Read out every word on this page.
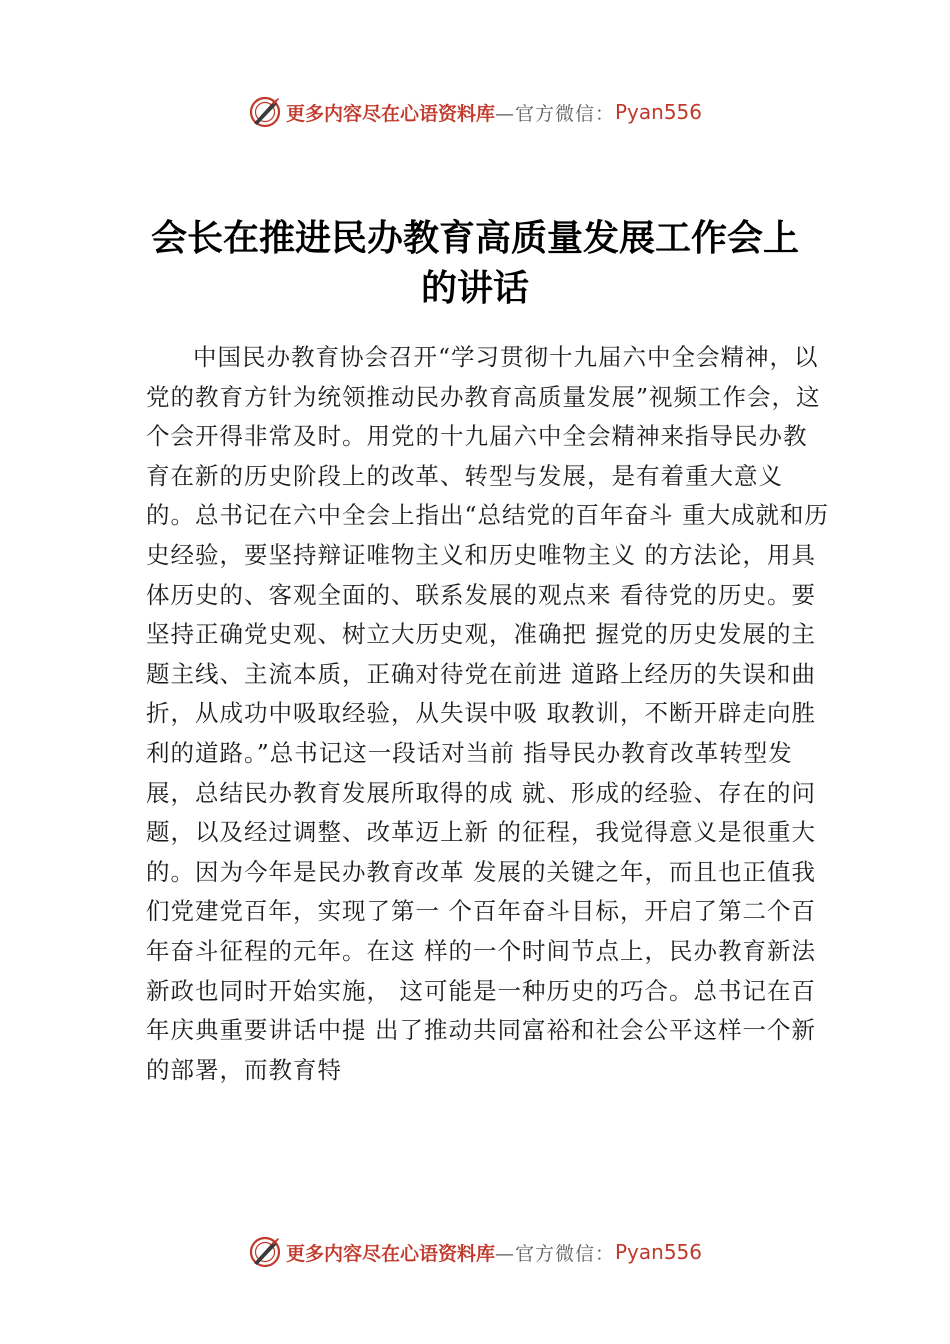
更多内容尽在心语资料库 —官方微信： Pyan556
会长在推进民办教育高质量发展工作会上的讲话

中国民办教育协会召开“学习贯彻十九届六中全会精神，以党的教育方针为统领推动民办教育高质量发展”视频工作会，这个会开得非常及时。用党的十九届六中全会精神来指导民办教育在新的历史阶段上的改革、转型与发展，是有着重大意义的。总书记在六中全会上指出“总结党的百年奋斗 重大成就和历史经验，要坚持辩证唯物主义和历史唯物主义 的方法论，用具体历史的、客观全面的、联系发展的观点来 看待党的历史。要坚持正确党史观、树立大历史观，准确把 握党的历史发展的主题主线、主流本质，正确对待党在前进 道路上经历的失误和曲折，从成功中吸取经验，从失误中吸 取教训，不断开辟走向胜利的道路。”总书记这一段话对当前 指导民办教育改革转型发展，总结民办教育发展所取得的成 就、形成的经验、存在的问题，以及经过调整、改革迈上新 的征程，我觉得意义是很重大的。因为今年是民办教育改革 发展的关键之年，而且也正值我们党建党百年，实现了第一 个百年奋斗目标，开启了第二个百年奋斗征程的元年。在这 样的一个时间节点上，民办教育新法新政也同时开始实施， 这可能是一种历史的巧合。总书记在百年庆典重要讲话中提 出了推动共同富裕和社会公平这样一个新的部署，而教育特

更多内容尽在心语资料库 —官方微信： Pyan556
